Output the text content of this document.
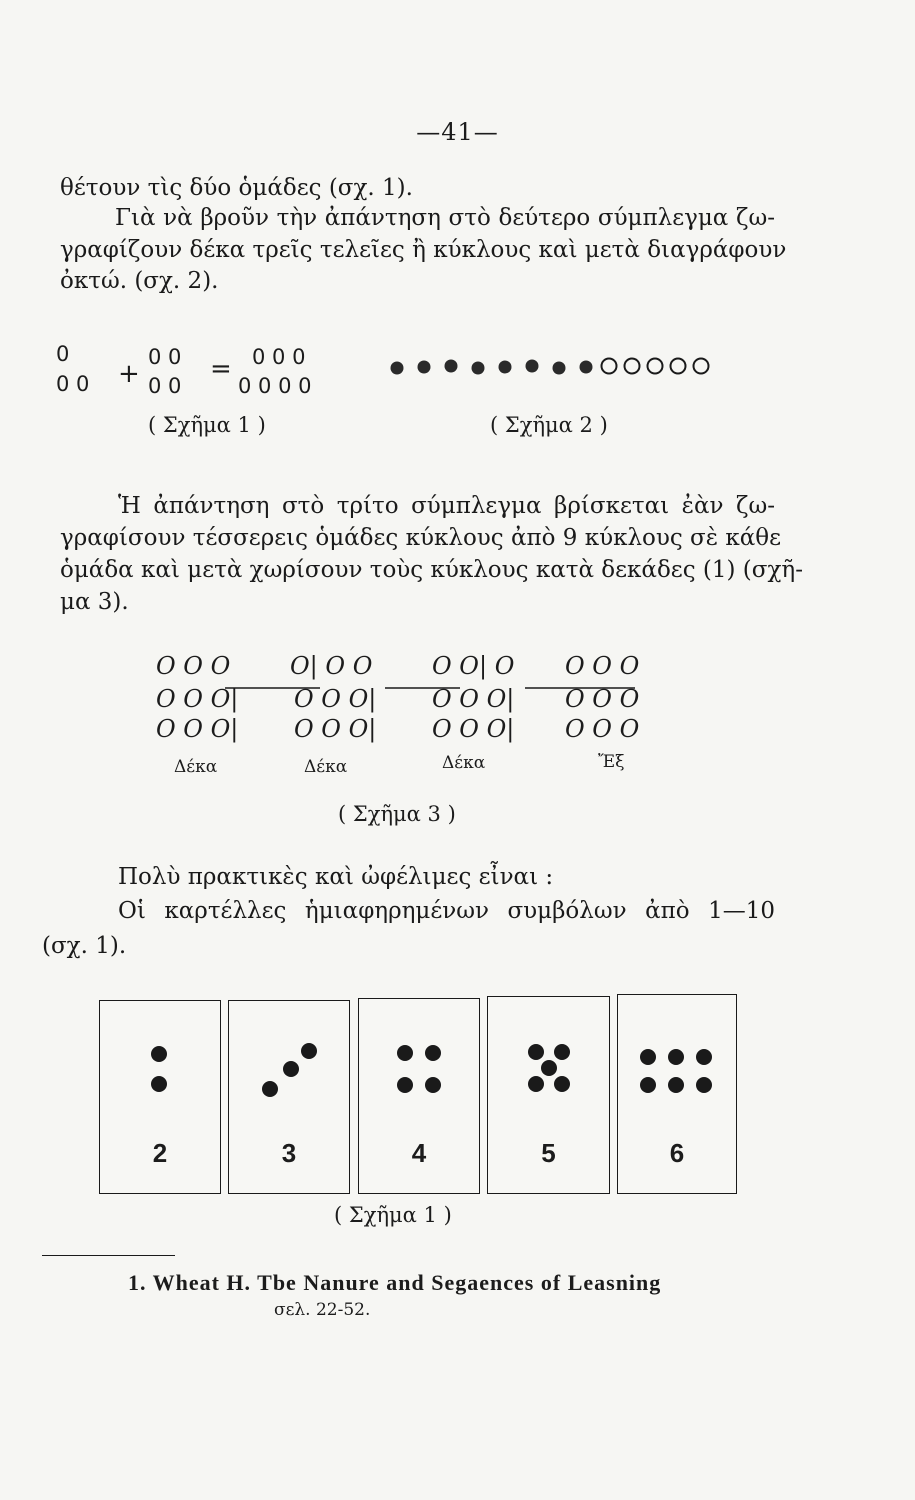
—41—
θέτουν τὶς δύο ὁμάδες (σχ. 1).
Γιὰ νὰ βροῦν τὴν ἀπάντηση στὸ δεύτερο σύμπλεγμα ζω-
γραφίζουν δέκα τρεῖς τελεῖες ἢ κύκλους καὶ μετὰ διαγράφουν
ὀκτώ. (σχ. 2).
0
0 0 +
0 0
0 0
= 0 0 0
0 0 0 0
( Σχῆμα 1 )	( Σχῆμα 2 )
Ἡ ἀπάντηση στὸ τρίτο σύμπλεγμα βρίσκεται ἐὰν ζω-
γραφίσουν τέσσερεις ὁμάδες κύκλους ἀπὸ 9 κύκλους σὲ κάθε
ὁμάδα καὶ μετὰ χωρίσουν τοὺς κύκλους κατὰ δεκάδες (1) (σχῆ-
μα 3).
Ο Ο Ο Ο| Ο Ο Ο Ο| Ο Ο Ο Ο
Ο Ο Ο| Ο Ο Ο| Ο Ο Ο| Ο Ο Ο
Ο Ο Ο| Ο Ο Ο| Ο Ο Ο| Ο Ο Ο
Δέκα	Δέκα	Δέκα	Ἔξ
( Σχῆμα 3 )
Πολὺ πρακτικὲς καὶ ὠφέλιμες εἶναι :
Οἱ καρτέλλες ἡμιαφηρημένων συμβόλων ἀπὸ 1—10
(σχ. 1).
2	3	4	5	6
( Σχῆμα 1 )
1. Wheat H. Tbe Nanure and Segaences of Leasning
σελ. 22-52.
